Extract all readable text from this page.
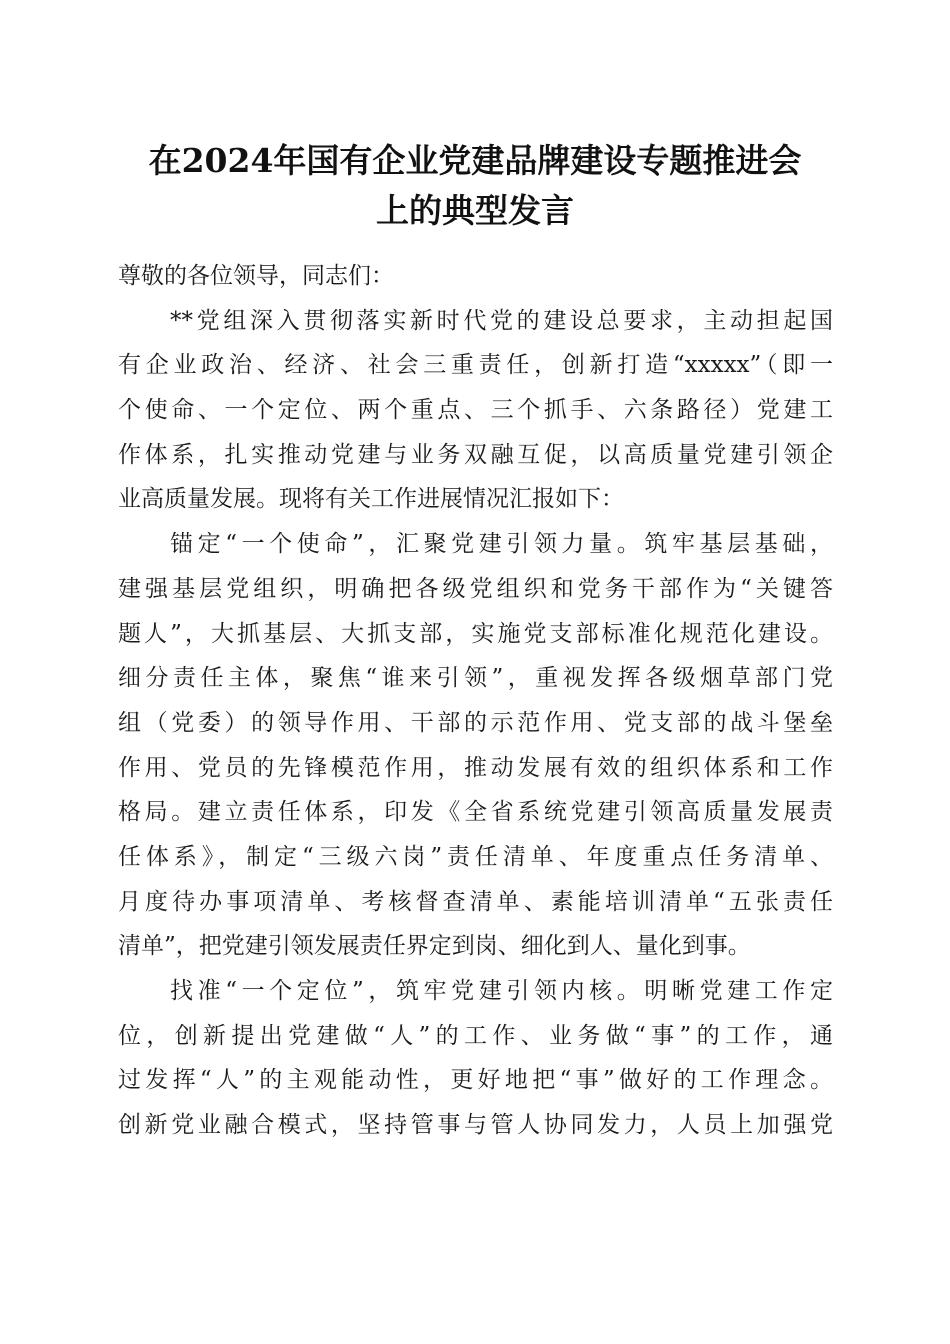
在2024年国有企业党建品牌建设专题推进会
上的典型发言
尊敬的各位领导，同志们：
**党组深入贯彻落实新时代党的建设总要求，主动担起国
有企业政治、经济、社会三重责任，创新打造“xxxxx”（即一
个使命、一个定位、两个重点、三个抓手、六条路径）党建工
作体系，扎实推动党建与业务双融互促，以高质量党建引领企
业高质量发展。现将有关工作进展情况汇报如下：
锚定“一个使命”，汇聚党建引领力量。筑牢基层基础，
建强基层党组织，明确把各级党组织和党务干部作为“关键答
题人”，大抓基层、大抓支部，实施党支部标准化规范化建设。
细分责任主体，聚焦“谁来引领”，重视发挥各级烟草部门党
组（党委）的领导作用、干部的示范作用、党支部的战斗堡垒
作用、党员的先锋模范作用，推动发展有效的组织体系和工作
格局。建立责任体系，印发《全省系统党建引领高质量发展责
任体系》，制定“三级六岗”责任清单、年度重点任务清单、
月度待办事项清单、考核督查清单、素能培训清单“五张责任
清单”，把党建引领发展责任界定到岗、细化到人、量化到事。
找准“一个定位”，筑牢党建引领内核。明晰党建工作定
位，创新提出党建做“人”的工作、业务做“事”的工作，通
过发挥“人”的主观能动性，更好地把“事”做好的工作理念。
创新党业融合模式，坚持管事与管人协同发力，人员上加强党
